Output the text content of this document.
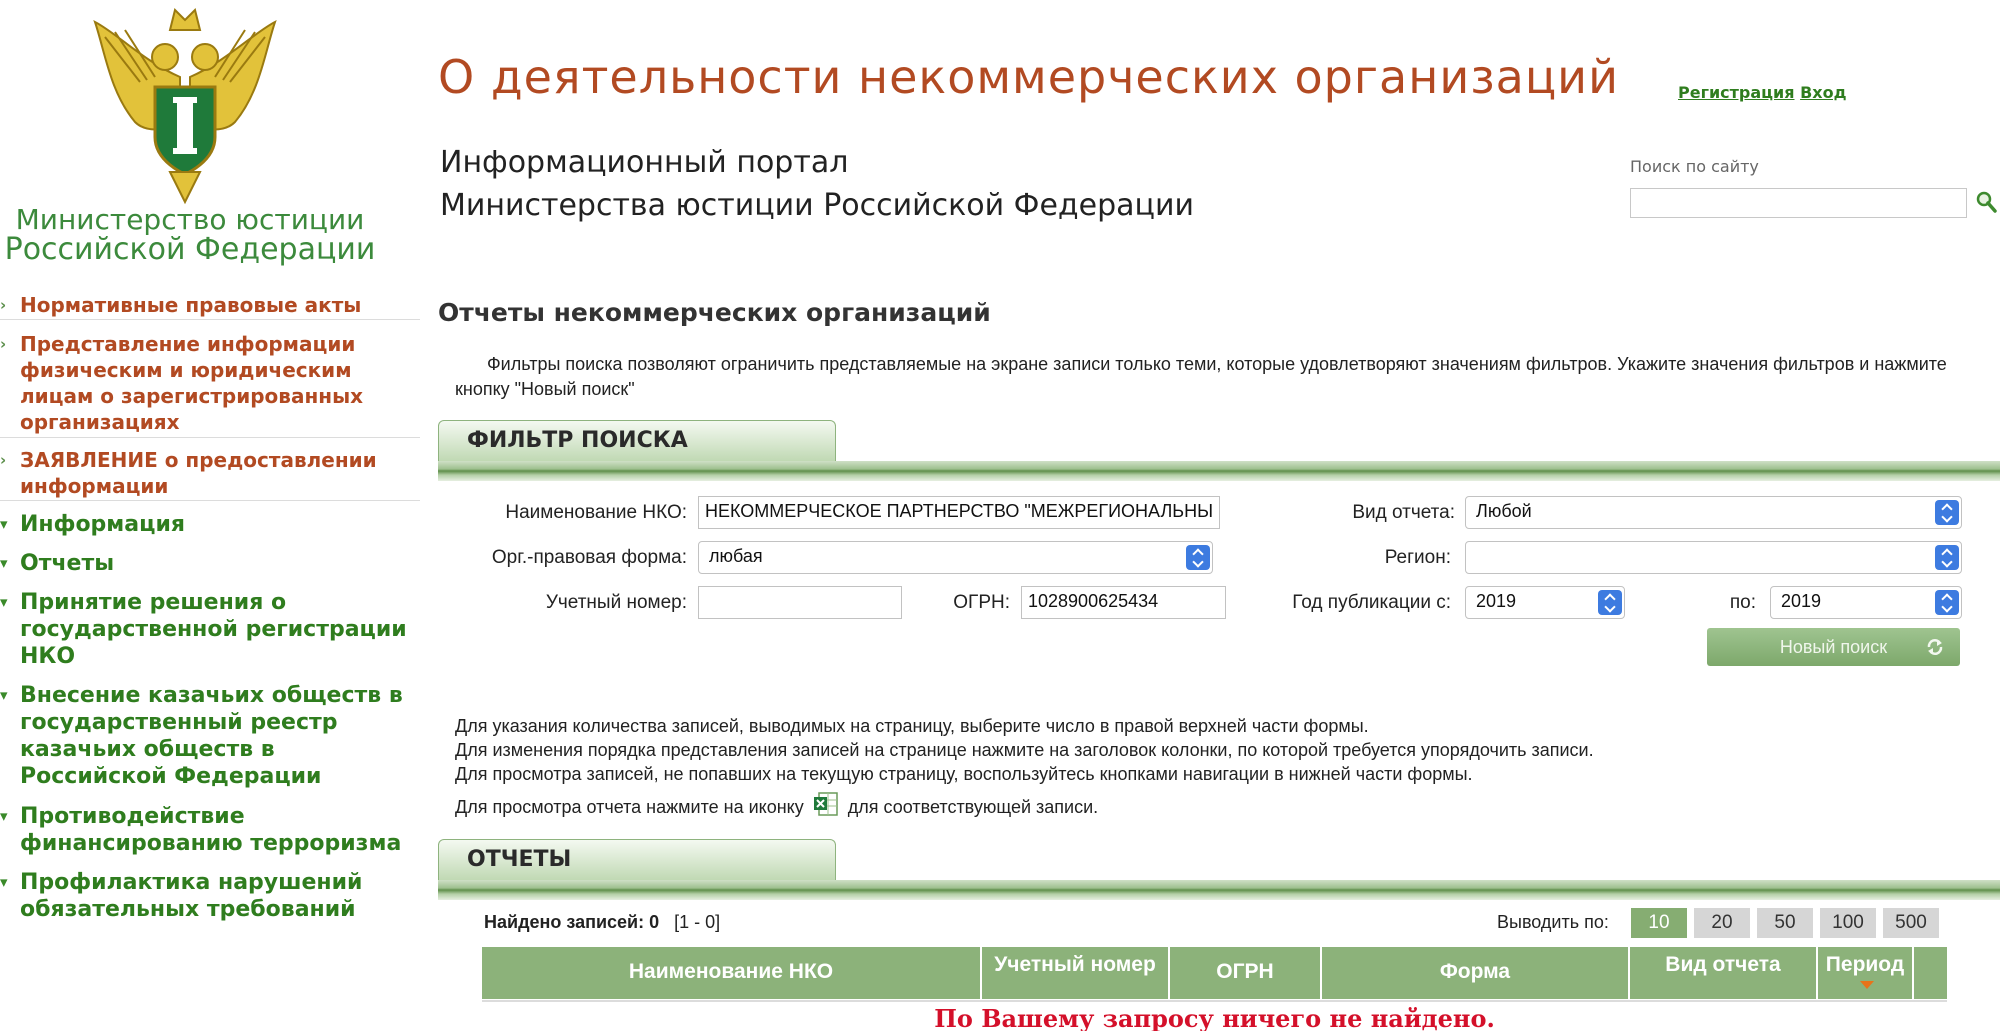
Министерство юстиции
Российской Федерации
› Нормативные правовые акты
› Представление информации физическим и юридическим лицам о зарегистрированных организациях
› ЗАЯВЛЕНИЕ о предоставлении информации
▾ Информация
▾ Отчеты
▾ Принятие решения о государственной регистрации НКО
▾ Внесение казачьих обществ в государственный реестр казачьих обществ в Российской Федерации
▾ Противодействие финансированию терроризма
▾ Профилактика нарушений обязательных требований
О деятельности некоммерческих организаций
Информационный портал
Министерства юстиции Российской Федерации
Регистрация Вход
Поиск по сайту
Отчеты некоммерческих организаций
Фильтры поиска позволяют ограничить представляемые на экране записи только теми, которые удовлетворяют значениям фильтров. Укажите значения фильтров и нажмите кнопку "Новый поиск"
ФИЛЬТР ПОИСКА
Наименование НКО:	НЕКОММЕРЧЕСКОЕ ПАРТНЕРСТВО "МЕЖРЕГИОНАЛЬНЫ
Орг.-правовая форма:	любая
Учетный номер:	ОГРН:	1028900625434
Вид отчета:	Любой
Регион:
Год публикации с:	2019	по:	2019
Новый поиск
Для указания количества записей, выводимых на страницу, выберите число в правой верхней части формы.
Для изменения порядка представления записей на странице нажмите на заголовок колонки, по которой требуется упорядочить записи.
Для просмотра записей, не попавших на текущую страницу, воспользуйтесь кнопками навигации в нижней части формы.
Для просмотра отчета нажмите на иконку для соответствующей записи.
ОТЧЕТЫ
Найдено записей: 0 [1 - 0]	Выводить по:	10	20	50	100	500
Наименование НКО	Учетный номер	ОГРН	Форма	Вид отчета	Период
По Вашему запросу ничего не найдено.
